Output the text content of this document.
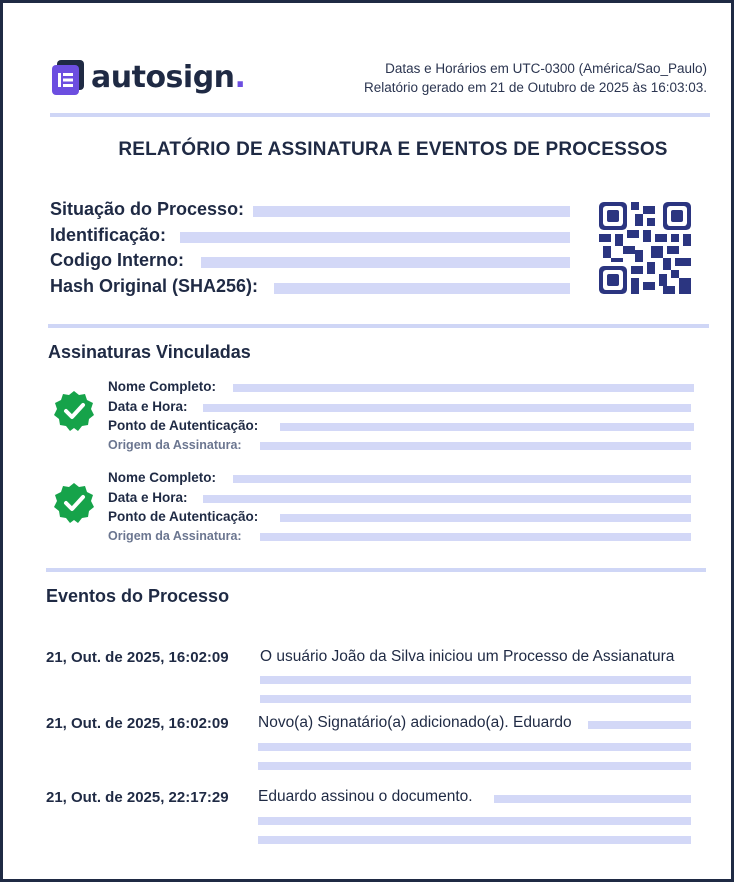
autosign.	Datas e Horários em UTC-0300 (América/Sao_Paulo)
Relatório gerado em 21 de Outubro de 2025 às 16:03:03.
RELATÓRIO DE ASSINATURA E EVENTOS DE PROCESSOS
Situação do Processo:
Identificação:
Codigo Interno:
Hash Original (SHA256):
Assinaturas Vinculadas
Nome Completo:
Data e Hora:
Ponto de Autenticação:
Origem da Assinatura:
Nome Completo:
Data e Hora:
Ponto de Autenticação:
Origem da Assinatura:
Eventos do Processo
21, Out. de 2025, 16:02:09 O usuário João da Silva iniciou um Processo de Assianatura
21, Out. de 2025, 16:02:09 Novo(a) Signatário(a) adicionado(a). Eduardo
21, Out. de 2025, 22:17:29 Eduardo assinou o documento.
